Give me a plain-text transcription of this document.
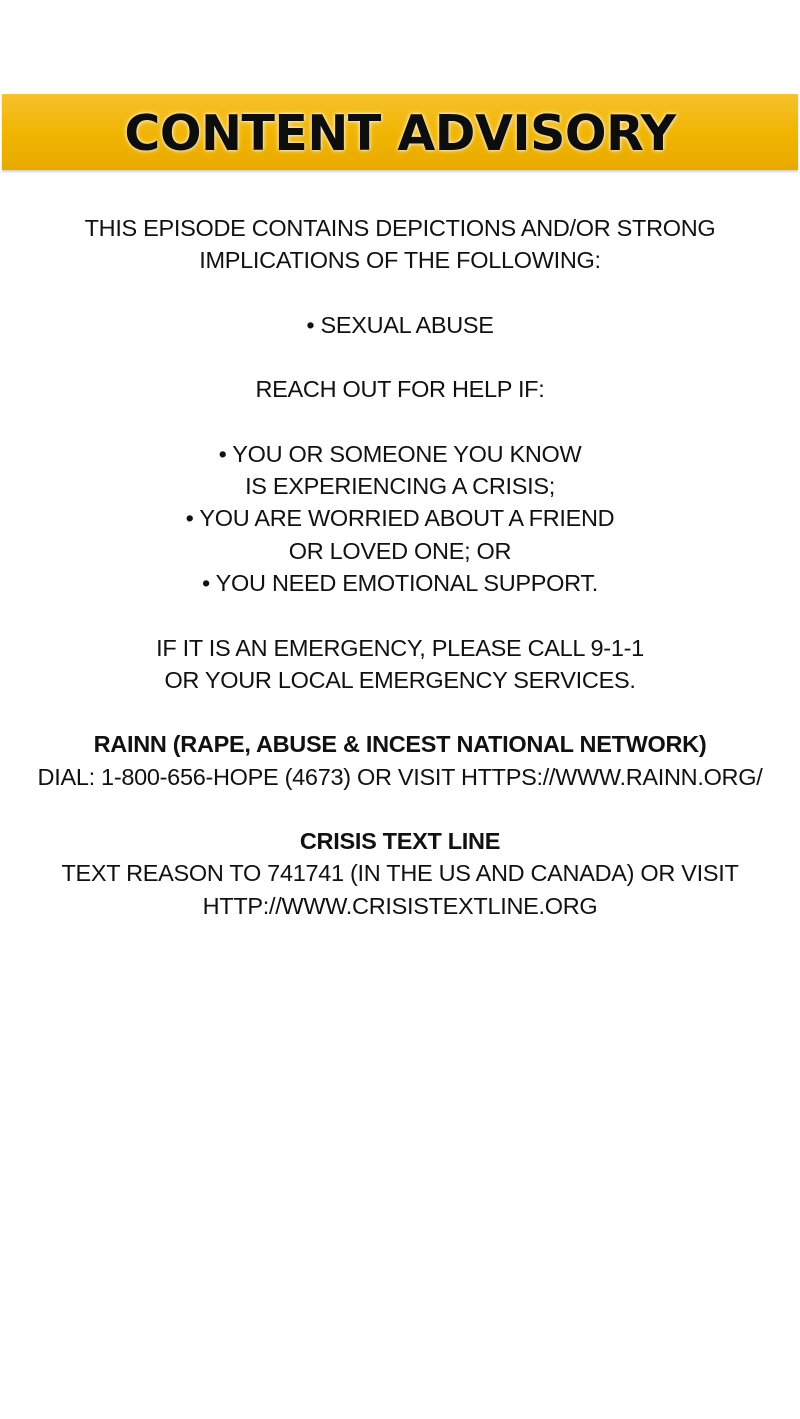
CONTENT ADVISORY
THIS EPISODE CONTAINS DEPICTIONS AND/OR STRONG
IMPLICATIONS OF THE FOLLOWING:
• SEXUAL ABUSE
REACH OUT FOR HELP IF:
• YOU OR SOMEONE YOU KNOW
IS EXPERIENCING A CRISIS;
• YOU ARE WORRIED ABOUT A FRIEND
OR LOVED ONE; OR
• YOU NEED EMOTIONAL SUPPORT.
IF IT IS AN EMERGENCY, PLEASE CALL 9-1-1
OR YOUR LOCAL EMERGENCY SERVICES.
RAINN (RAPE, ABUSE & INCEST NATIONAL NETWORK)
DIAL: 1-800-656-HOPE (4673) OR VISIT HTTPS://WWW.RAINN.ORG/
CRISIS TEXT LINE
TEXT REASON TO 741741 (IN THE US AND CANADA) OR VISIT
HTTP://WWW.CRISISTEXTLINE.ORG
